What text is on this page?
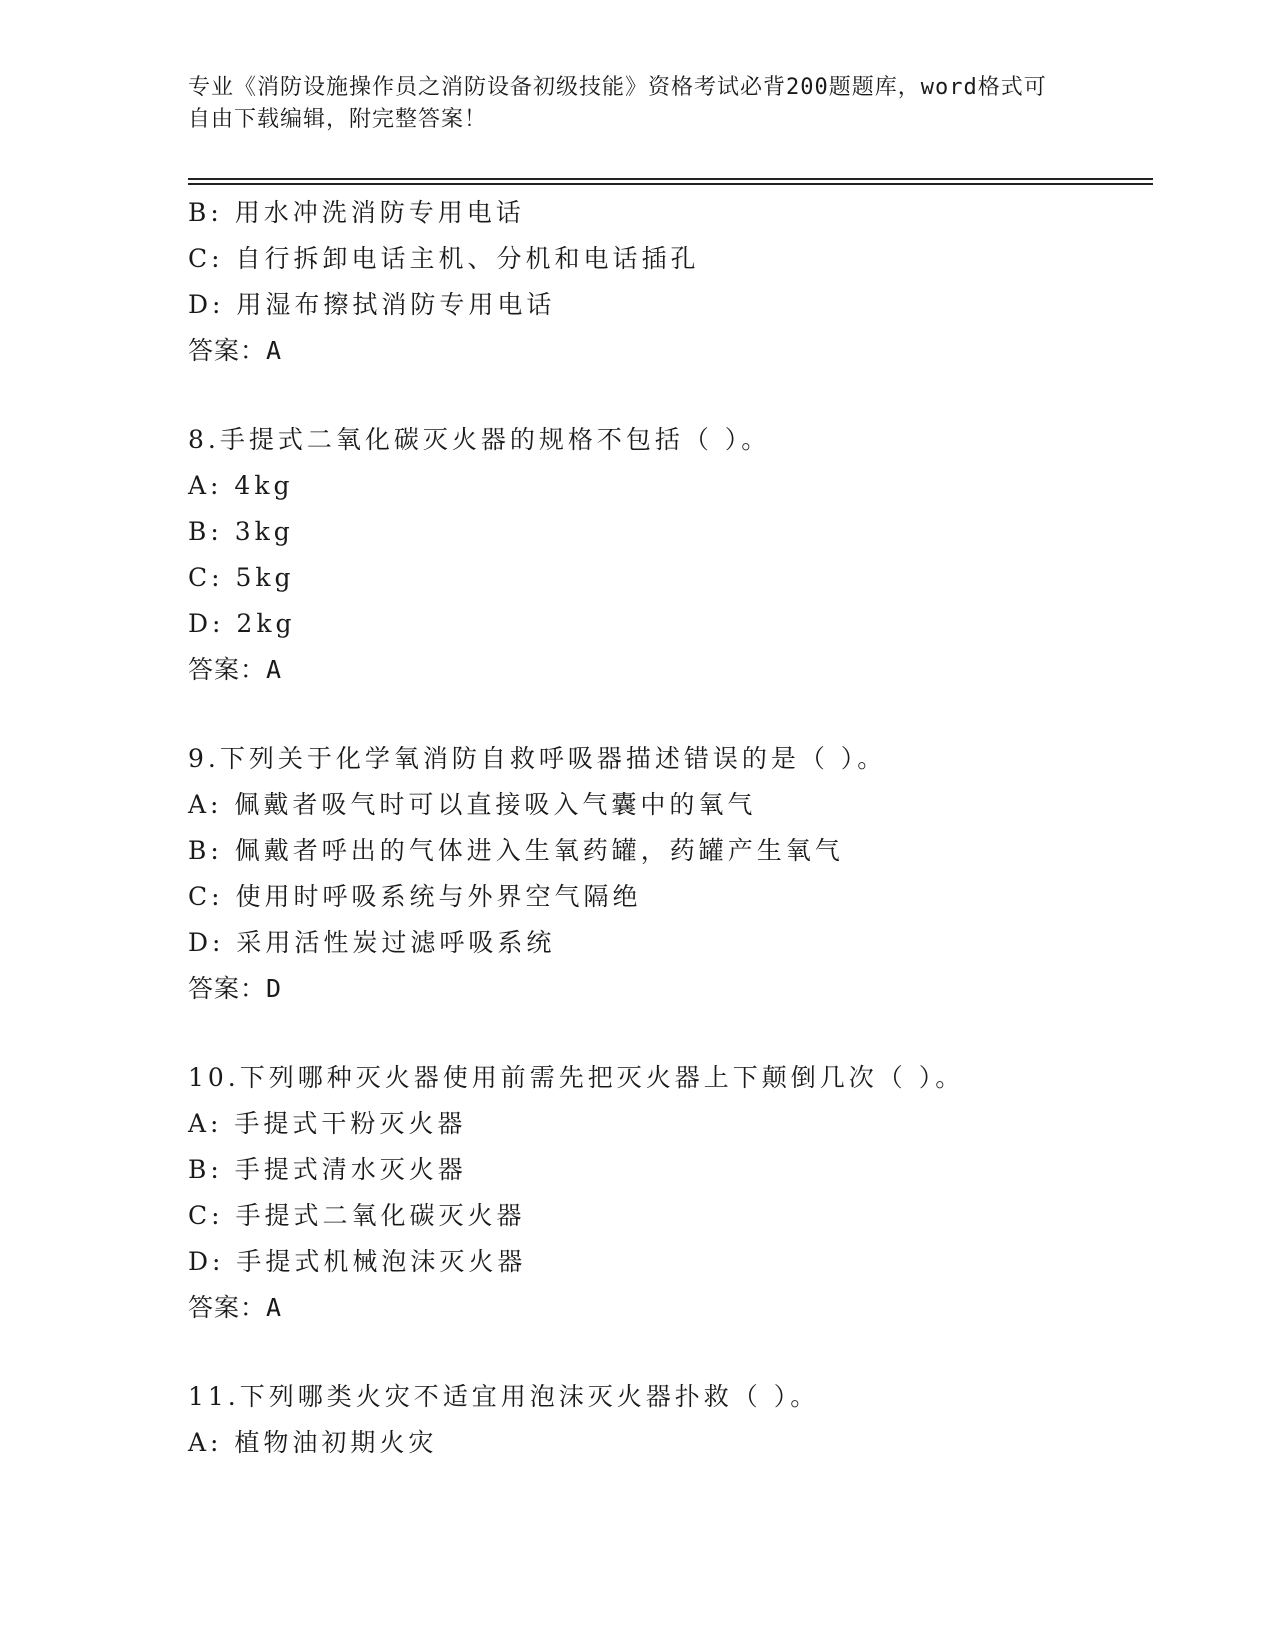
专业《消防设施操作员之消防设备初级技能》资格考试必背200题题库，word格式可自由下载编辑，附完整答案！
B: 用水冲洗消防专用电话
C: 自行拆卸电话主机、分机和电话插孔
D: 用湿布擦拭消防专用电话
答案：A
8.手提式二氧化碳灭火器的规格不包括（ ）。
A: 4kg
B: 3kg
C: 5kg
D: 2kg
答案：A
9.下列关于化学氧消防自救呼吸器描述错误的是（ ）。
A: 佩戴者吸气时可以直接吸入气囊中的氧气
B: 佩戴者呼出的气体进入生氧药罐，药罐产生氧气
C: 使用时呼吸系统与外界空气隔绝
D: 采用活性炭过滤呼吸系统
答案：D
10.下列哪种灭火器使用前需先把灭火器上下颠倒几次（ ）。
A: 手提式干粉灭火器
B: 手提式清水灭火器
C: 手提式二氧化碳灭火器
D: 手提式机械泡沫灭火器
答案：A
11.下列哪类火灾不适宜用泡沫灭火器扑救（ ）。
A: 植物油初期火灾
